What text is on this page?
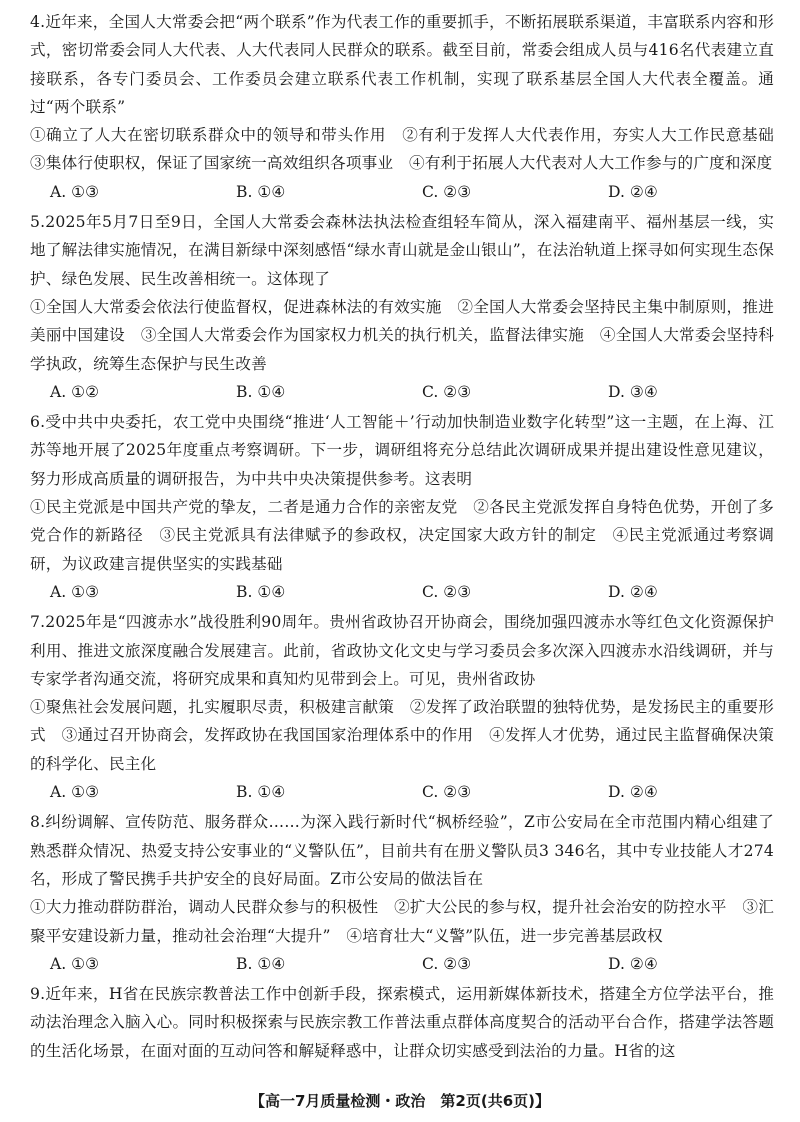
4.近年来，全国人大常委会把“两个联系”作为代表工作的重要抓手，不断拓展联系渠道，丰富联系内容和形式，密切常委会同人大代表、人大代表同人民群众的联系。截至目前，常委会组成人员与416名代表建立直接联系，各专门委员会、工作委员会建立联系代表工作机制，实现了联系基层全国人大代表全覆盖。通过“两个联系”

①确立了人大在密切联系群众中的领导和带头作用　②有利于发挥人大代表作用，夯实人大工作民意基础　③集体行使职权，保证了国家统一高效组织各项事业　④有利于拓展人大代表对人大工作参与的广度和深度

A. ①③	B. ①④	C. ②③	D. ②④

5.2025年5月7日至9日，全国人大常委会森林法执法检查组轻车简从，深入福建南平、福州基层一线，实地了解法律实施情况，在满目新绿中深刻感悟“绿水青山就是金山银山”，在法治轨道上探寻如何实现生态保护、绿色发展、民生改善相统一。这体现了

①全国人大常委会依法行使监督权，促进森林法的有效实施　②全国人大常委会坚持民主集中制原则，推进美丽中国建设　③全国人大常委会作为国家权力机关的执行机关，监督法律实施　④全国人大常委会坚持科学执政，统筹生态保护与民生改善

A. ①②	B. ①④	C. ②③	D. ③④

6.受中共中央委托，农工党中央围绕“推进‘人工智能＋’行动加快制造业数字化转型”这一主题，在上海、江苏等地开展了2025年度重点考察调研。下一步，调研组将充分总结此次调研成果并提出建设性意见建议，努力形成高质量的调研报告，为中共中央决策提供参考。这表明

①民主党派是中国共产党的挚友，二者是通力合作的亲密友党　②各民主党派发挥自身特色优势，开创了多党合作的新路径　③民主党派具有法律赋予的参政权，决定国家大政方针的制定　④民主党派通过考察调研，为议政建言提供坚实的实践基础

A. ①③	B. ①④	C. ②③	D. ②④

7.2025年是“四渡赤水”战役胜利90周年。贵州省政协召开协商会，围绕加强四渡赤水等红色文化资源保护利用、推进文旅深度融合发展建言。此前，省政协文化文史与学习委员会多次深入四渡赤水沿线调研，并与专家学者沟通交流，将研究成果和真知灼见带到会上。可见，贵州省政协

①聚焦社会发展问题，扎实履职尽责，积极建言献策　②发挥了政治联盟的独特优势，是发扬民主的重要形式　③通过召开协商会，发挥政协在我国国家治理体系中的作用　④发挥人才优势，通过民主监督确保决策的科学化、民主化

A. ①③	B. ①④	C. ②③	D. ②④

8.纠纷调解、宣传防范、服务群众……为深入践行新时代“枫桥经验”，Z市公安局在全市范围内精心组建了熟悉群众情况、热爱支持公安事业的“义警队伍”，目前共有在册义警队员3 346名，其中专业技能人才274名，形成了警民携手共护安全的良好局面。Z市公安局的做法旨在

①大力推动群防群治，调动人民群众参与的积极性　②扩大公民的参与权，提升社会治安的防控水平　③汇聚平安建设新力量，推动社会治理“大提升”　④培育壮大“义警”队伍，进一步完善基层政权

A. ①③	B. ①④	C. ②③	D. ②④

9.近年来，H省在民族宗教普法工作中创新手段，探索模式，运用新媒体新技术，搭建全方位学法平台，推动法治理念入脑入心。同时积极探索与民族宗教工作普法重点群体高度契合的活动平台合作，搭建学法答题的生活化场景，在面对面的互动问答和解疑释惑中，让群众切实感受到法治的力量。H省的这

【高一7月质量检测・政治　第2页(共6页)】
